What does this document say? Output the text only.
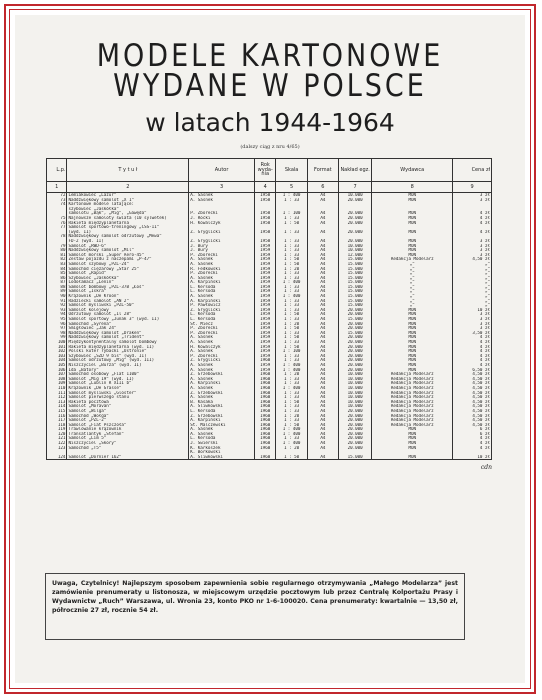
MODELE KARTONOWE
WYDANE W POLSCE
w latach 1944-1964
(dalszy ciąg z nru 4/65)
L.p.	T y t u ł	Autor	Rok wyda-nia	Skala	Format	Nakład egz.	Wydawca	Cena zł
1	2	3	4	5	6	7	8	9
72	Lemiakowiec „Lazur”	A. Sasnek	1958	1 : 400	A4	10.000	MON	3 zł
73	Naddźwiękowy samolot „X 1”	A. Sasnek	1958	1 : 33	A4	20.000	MON	3 zł
74	Kartonowe modele latające:							
	szybowiec „Jaskółka”							
	samolotu „Bąk”, „Mig”, „Gawęda”	P. Zborecki	1958	1 : 100	A4	20.000	MON	4 zł
75	Najnowsze samoloty świata (10 sylwetek)	J. Rocki	1958	1 : 33	A4	20.000	MON	4 zł
76	Rakieta międzyplanetarna	H. Kowalczyk	1958	1 : 50	A4	20.000	MON	4 zł
77	Samolot sportowo-treningowy „CSS-11”							
	(wyd. II)	Z. Gryglicki	1958	1 : 33	A4	20.000	MON	4 zł
78	Naddźwiękowy samolot odrzutowy „Mewa”							
	FD-2 (wyd. II)	Z. Gryglicki	1958	1 : 33	A4	20.000	MON	3 zł
79	Samolot „RWD-6”	J. Bury	1959	1 : 33	A4	10.000	MON	3 zł
80	Naddźwiękowy samolot „Mil”	J. Bury	1959	1 : 33	A4	10.000	MON	3 zł
81	Samolot morski „Super Aero-45”	P. Zborecki	1959	1 : 33	A4	12.000	MON	3 zł
82	Zestaw pojazdu z naczepami „P-47”	A. Sasnek	1959	1 : 50	A4	15.000	Redakcja Modelarz	4,50 zł
83	Samolot szybowy „PZL-24”	A. Sasnek	1959	1 : 50	A4	15.000	„”	„”
84	Samochód ciężarowy „Star 25”	R. Fedkowski	1959	1 : 20	A4	15.000	„”	„”
85	Samolot „Rapid”	P. Zborecki	1959	1 : 33	A4	15.000	„”	„”
86	Szybowiec „Jaskółka”	A. Sasnek	1959	1 : 33	A4	15.000	„”	„”
87	Lodołamacz „Lenin”	A. Karpiński	1959	1 : 400	A4	15.000	„”	„”
88	Samolot bombowy „PZL-37B „Łoś”	L. Kersoda	1959	1 : 33	A4	15.000	„”	„”
89	Samolot „Iskra”	L. Kersoda	1959	1 : 33	A4	15.000	„”	„”
90	Krążownik „De Kroon”	A. Sasnek	1959	1 : 400	A4	15.000	„”	„”
91	Radziecki samolot „AN 2”	A. Karpiński	1959	1 : 33	A4	15.000	„”	„”
92	Samolot myśliwski „PZL-50”	P. Pawłowicz	1959	1 : 33	A4	15.000	„”	„”
93	Samolot kolejowy	Z. Gryglicki	1959	1 : 33	A4	20.000	MON	10 zł
94	Odrzutowy samolot „Il 28”	L. Kersoda	1959	1 : 50	A4	20.000	MON	3 zł
95	Samolot sportowy „Junak 3” (wyd. II)	L. Kersoda	1959	1 : 33	A4	15.000	MON	3 zł
96	Samochód „Syrena”	St. Miecz	1959	1 : 20	A4	20.000	MON	3 zł
97	Śmigłowiec „Jak 24”	P. Zborecki	1959	1 : 50	A4	20.000	MON	3 zł
98	Naddźwiękowy samolot „Draken”	P. Zborecki	1959	1 : 33	A4	15.000	MON	3,50 zł
99	Naddźwiękowy samolot „Trident”	A. Sasnek	1959	1 : 50	A4	20.000	MON	4 zł
100	Międzykontynentalny samolot bombowy	A. Sasnek	1959	1 : 33	A4	20.000	MON	4 zł
101	Rakieta międzyplanetarna (wyd. II)	H. Kowalczyk	1959	1 : 50	A4	20.000	MON	4 zł
102	Polski kuter rybacki „Ustronie”	A. Sasnek	1959	1 : 100	A4	20.000	MON	4 zł
103	Szybowiec „SZD 9 bis” (wyd. II)	P. Zborecki	1959	1 : 33	A4	20.000	MON	4 zł
104	Samolot odrzutowy „Mig” (wyd. III)	Z. Gryglicki	1960	1 : 33	A4	20.000	MON	4 zł
105	Niszczyciel „Burza” (wyd. II)	A. Sasnek	1959	1 : 400	A4	20.000	MON	4 zł
106	Ida „Batory”	A. Sasnek	1959	1 : 400	A4	20.000	MON	6,50 zł
107	Samochód osobowy „Fiat 1100”	Z. Grzebowski	1960	1 : 20	A4	10.000	Redakcja Modelarz	4,50 zł
108	Samolot „Mig 19” (wyd. II)	A. Sasnek	1960	1 : 33	A4	10.000	Redakcja Modelarz	4,50 zł
109	Samolot „Lublin R XIII b”	A. Karpiński	1960	1 : 33	A4	10.000	Redakcja Modelarz	4,50 zł
110	Krążownik „De Grasse”	A. Sasnek	1960	1 : 400	A4	10.000	Redakcja Modelarz	4,50 zł
111	Samolot myśliwski „Gloster”	Z. Grzebowski	1960	1 : 33	A4	10.000	Redakcja Modelarz	4,50 zł
112	Samolot pierwszego stanu	A. Sasnek	1960	1 : 33	A4	10.000	Redakcja Modelarz	4,50 zł
113	Rakieta pocztowa	B. Kasaka	1960	1 : 50	A4	10.000	Redakcja Modelarz	4,50 zł
114	Samolot „Moravan”	A. Śliwkowski	1960	1 : 33	A4	10.000	Redakcja Modelarz	4,50 zł
115	Samolot „Wilga”	L. Kersoda	1960	1 : 33	A4	20.000	Redakcja Modelarz	4,50 zł
116	Samochód „Wołga”	Z. Grzebowski	1960	1 : 20	A4	20.000	Redakcja Modelarz	4,50 zł
117	Samolot „PZL-2”	A. Karpiński	1960	1 : 33	A4	20.000	Redakcja Modelarz	4,50 zł
118	Samolot „Fiat Pszczoła”	St. Malczewski	1960	1 : 50	A4	20.000	Redakcja Modelarz	4,50 zł
119	Trawlowanie krążownik	A. Sasnek	1960	1 : 400	A4	20.000	MON	6 zł
120	Transatlantyk „Stefan”	A. Sasnek	1960	1 : 400	A4	20.000	MON	6 zł
121	Samolot „Lim 5”	L. Kersoda	1960	1 : 33	A4	20.000	MON	4 zł
122	Niszczyciel „Skory”	J. Świerski	1960	1 : 400	A4	20.000	MON	4 zł
123	Samochód „T5”	K. Karkoszek	1960	1 : 20	A4	20.000	MON	4 zł
		K. Borkowski						
124	Samolot „Dornier 162”	A. Śliwkowski	1960	1 : 50	A4	15.000	MON	10 zł
cdn
Uwaga, Czytelnicy! Najlepszym sposobem zapewnienia sobie regularnego otrzymywania „Małego Modelarza” jest zamówienie prenumeraty u listonosza, w miejscowym urzędzie pocztowym lub przez Centralę Kolportażu Prasy i Wydawnictw „Ruch” Warszawa, ul. Wronia 23, konto PKO nr 1-6-100020. Cena prenumeraty: kwartalnie — 13,50 zł, półrocznie 27 zł, rocznie 54 zł.
